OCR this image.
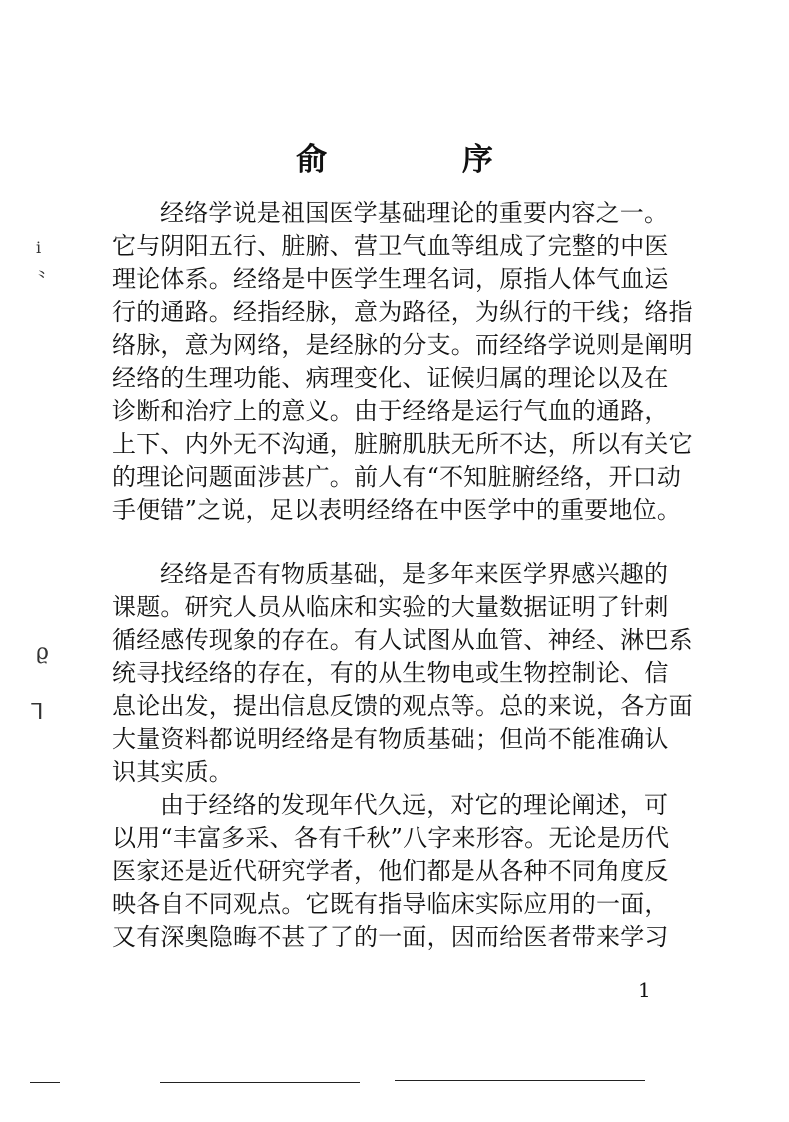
俞 序
经络学说是祖国医学基础理论的重要内容之一。
它与阴阳五行、脏腑、营卫气血等组成了完整的中医
理论体系。经络是中医学生理名词，原指人体气血运
行的通路。经指经脉，意为路径，为纵行的干线；络指
络脉，意为网络，是经脉的分支。而经络学说则是阐明
经络的生理功能、病理变化、证候归属的理论以及在
诊断和治疗上的意义。由于经络是运行气血的通路，
上下、内外无不沟通，脏腑肌肤无所不达，所以有关它
的理论问题面涉甚广。前人有“不知脏腑经络，开口动
手便错”之说，足以表明经络在中医学中的重要地位。
经络是否有物质基础，是多年来医学界感兴趣的
课题。研究人员从临床和实验的大量数据证明了针刺
循经感传现象的存在。有人试图从血管、神经、淋巴系
统寻找经络的存在，有的从生物电或生物控制论、信
息论出发，提出信息反馈的观点等。总的来说，各方面
大量资料都说明经络是有物质基础；但尚不能准确认
识其实质。
由于经络的发现年代久远，对它的理论阐述，可
以用“丰富多采、各有千秋”八字来形容。无论是历代
医家还是近代研究学者，他们都是从各种不同角度反
映各自不同观点。它既有指导临床实际应用的一面，
又有深奥隐晦不甚了了的一面，因而给医者带来学习
1
ⅰ
⺀
ϱ
ᒣ
